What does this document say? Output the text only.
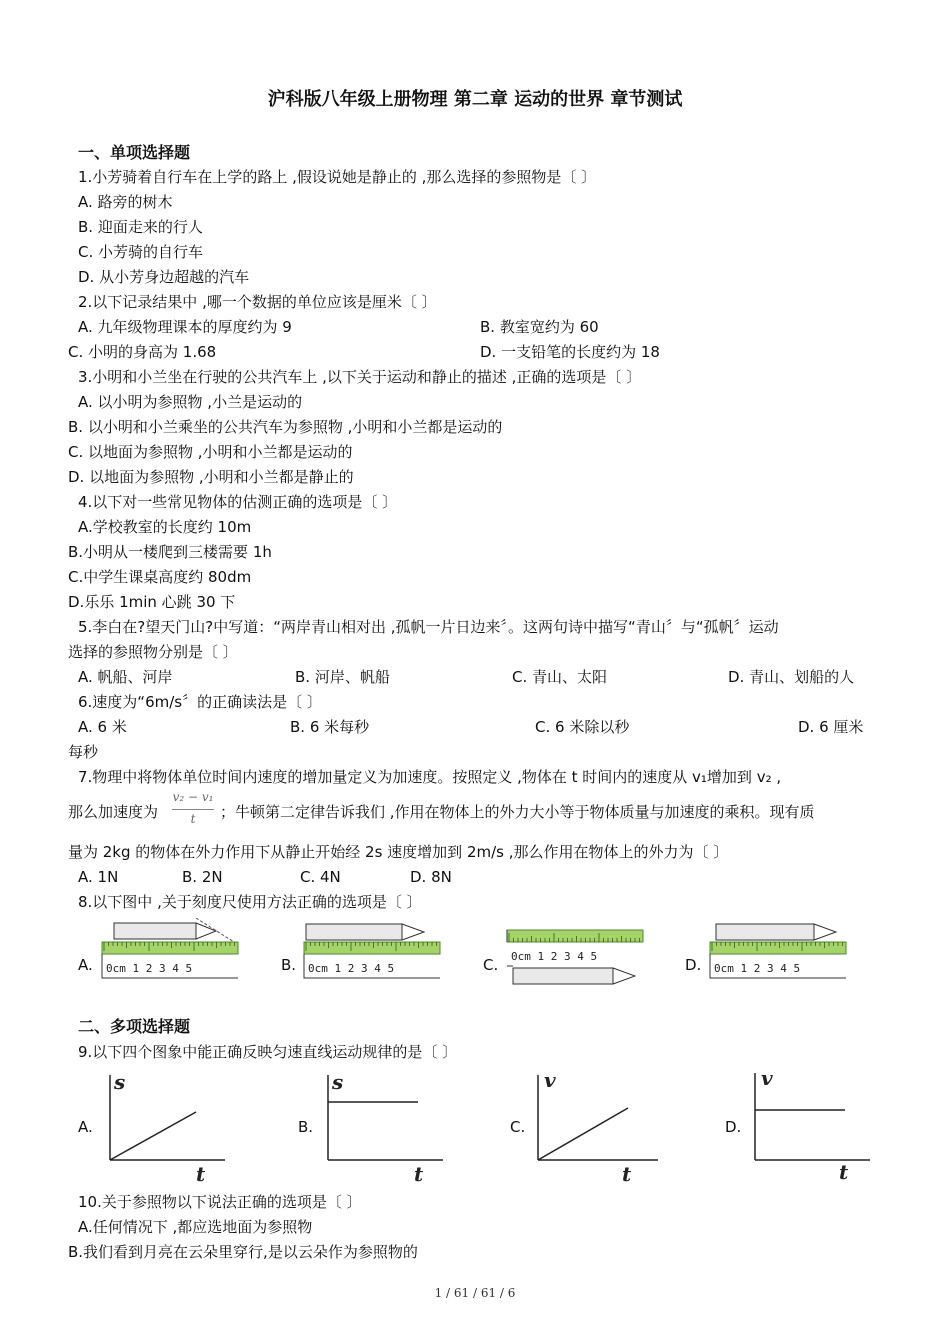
沪科版八年级上册物理 第二章 运动的世界 章节测试
一、单项选择题
1.小芳骑着自行车在上学的路上 ,假设说她是静止的 ,那么选择的参照物是〔 〕
A. 路旁的树木
B. 迎面走来的行人
C. 小芳骑的自行车
D. 从小芳身边超越的汽车
2.以下记录结果中 ,哪一个数据的单位应该是厘米〔 〕
A. 九年级物理课本的厚度约为 9	B. 教室宽约为 60
C. 小明的身高为 1.68	D. 一支铅笔的长度约为 18
3.小明和小兰坐在行驶的公共汽车上 ,以下关于运动和静止的描述 ,正确的选项是〔 〕
A. 以小明为参照物 ,小兰是运动的
B. 以小明和小兰乘坐的公共汽车为参照物 ,小明和小兰都是运动的
C. 以地面为参照物 ,小明和小兰都是运动的
D. 以地面为参照物 ,小明和小兰都是静止的
4.以下对一些常见物体的估测正确的选项是〔 〕
A.学校教室的长度约 10m
B.小明从一楼爬到三楼需要 1h
C.中学生课桌高度约 80dm
D.乐乐 1min 心跳 30 下
5.李白在?望天门山?中写道：“两岸青山相对出 ,孤帆一片日边来〞。这两句诗中描写“青山〞与“孤帆〞运动
选择的参照物分别是〔 〕
A. 帆船、河岸	B. 河岸、帆船	C. 青山、太阳	D. 青山、划船的人
6.速度为“6m/s〞的正确读法是〔 〕
A. 6 米	B. 6 米每秒	C. 6 米除以秒	D. 6 厘米
每秒
7.物理中将物体单位时间内速度的增加量定义为加速度。按照定义 ,物体在 t 时间内的速度从 v₁增加到 v₂ ,
那么加速度为
v₂ − v₁
t	；牛顿第二定律告诉我们 ,作用在物体上的外力大小等于物体质量与加速度的乘积。现有质
量为 2kg 的物体在外力作用下从静止开始经 2s 速度增加到 2m/s ,那么作用在物体上的外力为〔 〕
A. 1N	B. 2N	C. 4N	D. 8N
8.以下图中 ,关于刻度尺使用方法正确的选项是〔 〕
A. 0cm 1 2 3 4 5	B. 0cm 1 2 3 4 5	C. 0cm 1 2 3 4 5	D. 0cm 1 2 3 4 5
二、多项选择题
9.以下四个图象中能正确反映匀速直线运动规律的是〔 〕
A.
s
t
B.
s
t
C.
v
t
D.
v
t
10.关于参照物以下说法正确的选项是〔 〕
A.任何情况下 ,都应选地面为参照物
B.我们看到月亮在云朵里穿行,是以云朵作为参照物的
1 / 61 / 61 / 6
